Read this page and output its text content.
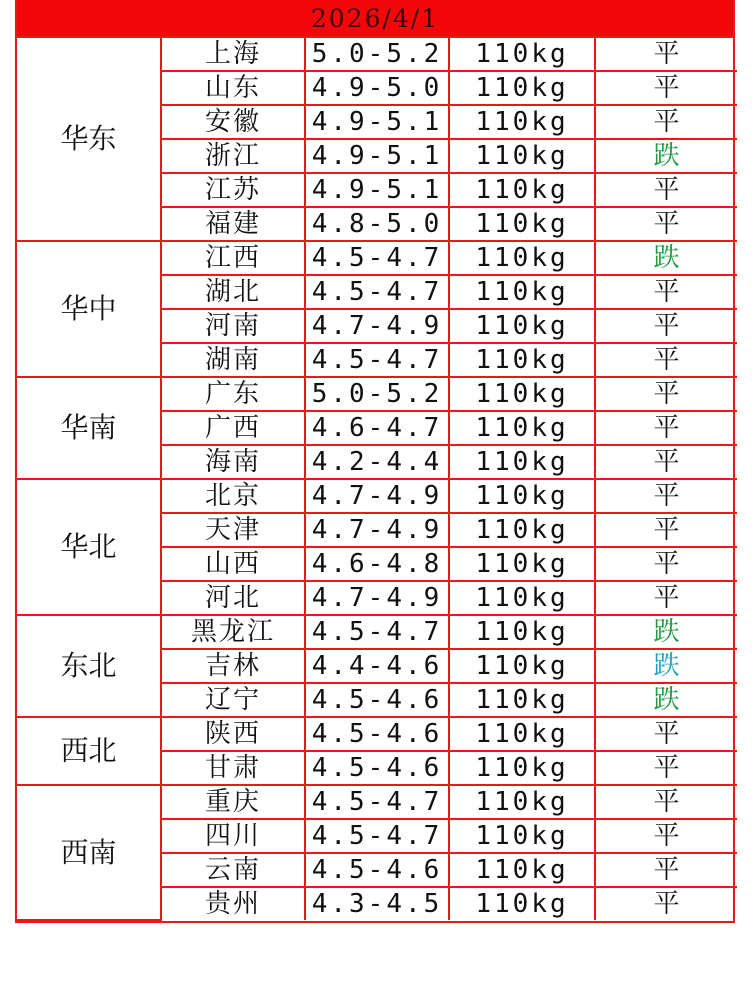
2026/4/1
华东	上海	5.0-5.2	110kg	平
	山东	4.9-5.0	110kg	平
	安徽	4.9-5.1	110kg	平
	浙江	4.9-5.1	110kg	跌
	江苏	4.9-5.1	110kg	平
	福建	4.8-5.0	110kg	平
华中	江西	4.5-4.7	110kg	跌
	湖北	4.5-4.7	110kg	平
	河南	4.7-4.9	110kg	平
	湖南	4.5-4.7	110kg	平
华南	广东	5.0-5.2	110kg	平
	广西	4.6-4.7	110kg	平
	海南	4.2-4.4	110kg	平
华北	北京	4.7-4.9	110kg	平
	天津	4.7-4.9	110kg	平
	山西	4.6-4.8	110kg	平
	河北	4.7-4.9	110kg	平
东北	黑龙江	4.5-4.7	110kg	跌
	吉林	4.4-4.6	110kg	跌
	辽宁	4.5-4.6	110kg	跌
西北	陕西	4.5-4.6	110kg	平
	甘肃	4.5-4.6	110kg	平
西南	重庆	4.5-4.7	110kg	平
	四川	4.5-4.7	110kg	平
	云南	4.5-4.6	110kg	平
	贵州	4.3-4.5	110kg	平
